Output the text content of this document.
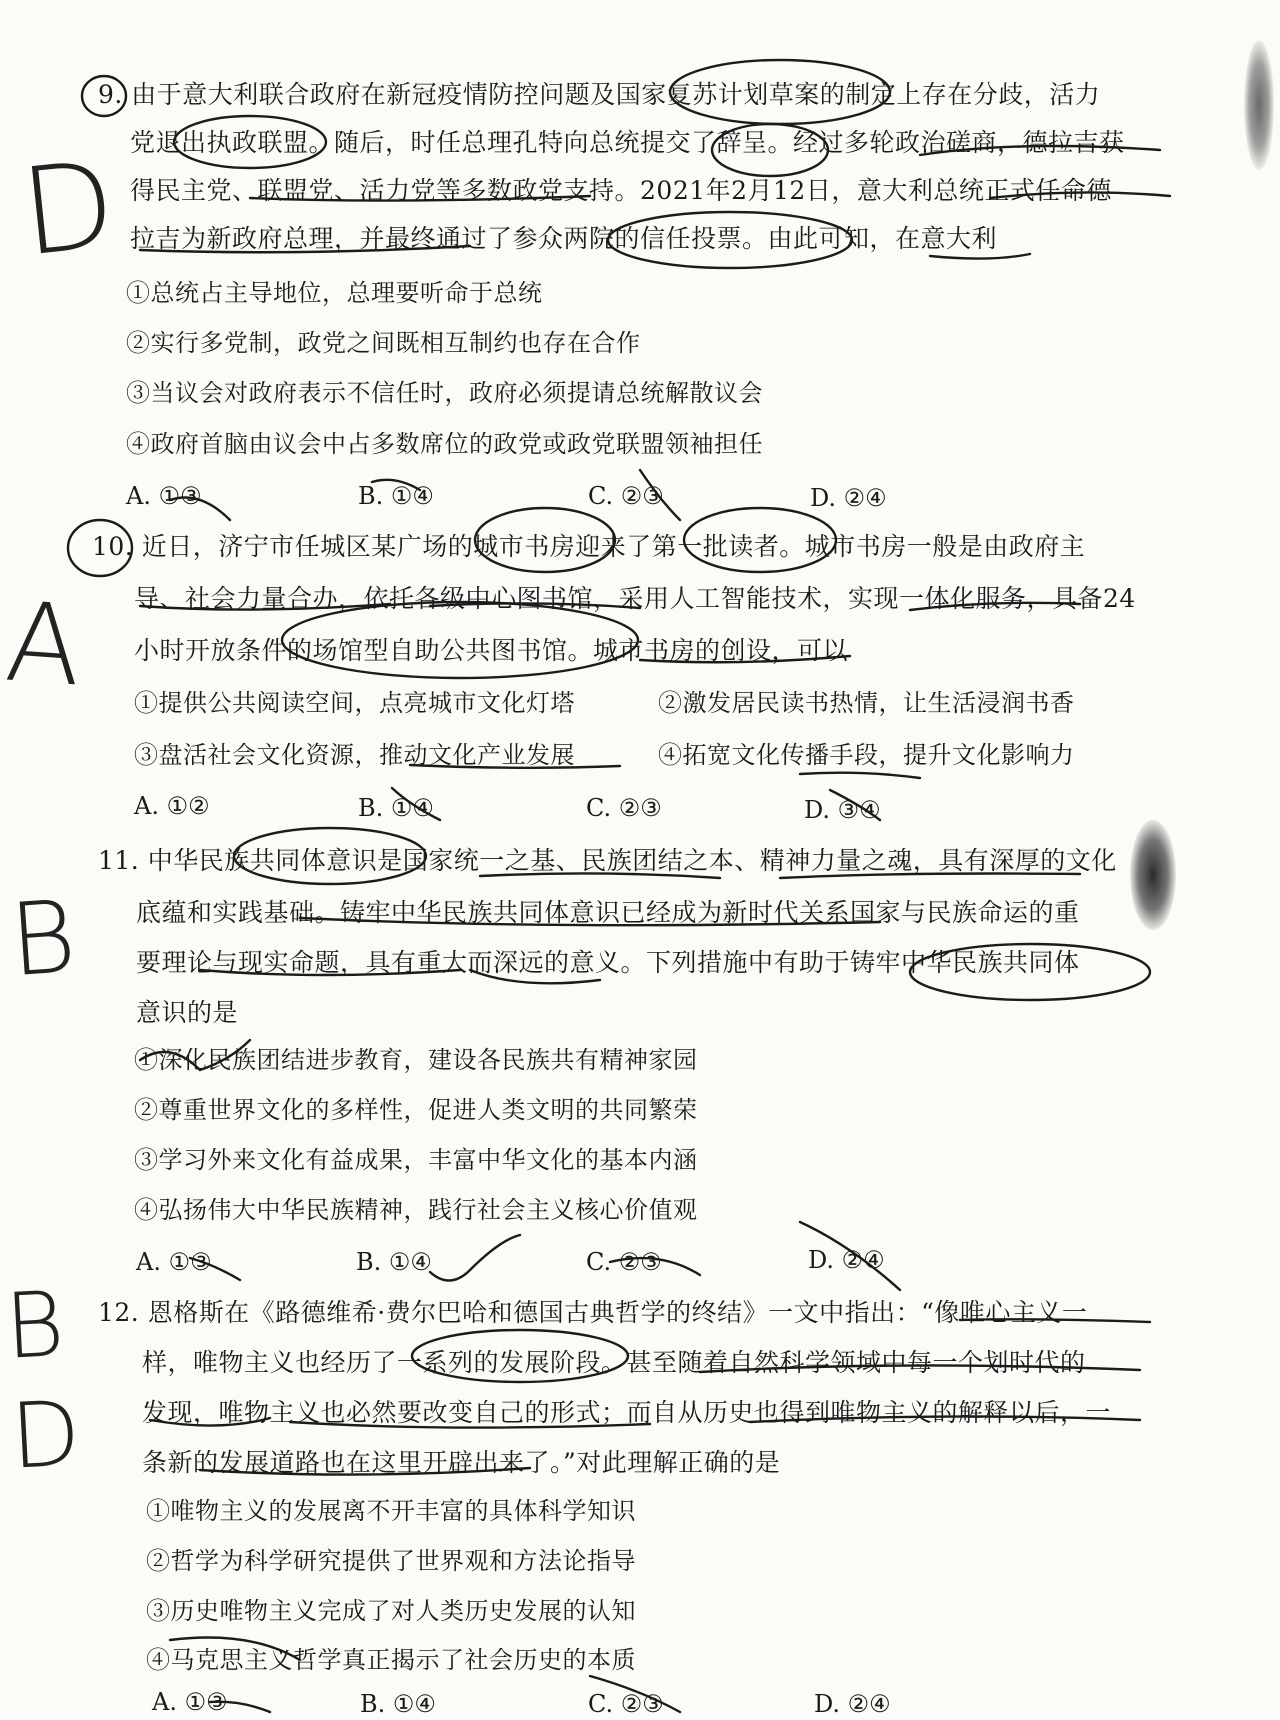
9. 由于意大利联合政府在新冠疫情防控问题及国家复苏计划草案的制定上存在分歧，活力
党退出执政联盟。随后，时任总理孔特向总统提交了辞呈。经过多轮政治磋商，德拉吉获
得民主党、联盟党、活力党等多数政党支持。2021年2月12日，意大利总统正式任命德
拉吉为新政府总理，并最终通过了参众两院的信任投票。由此可知，在意大利
①总统占主导地位，总理要听命于总统
②实行多党制，政党之间既相互制约也存在合作
③当议会对政府表示不信任时，政府必须提请总统解散议会
④政府首脑由议会中占多数席位的政党或政党联盟领袖担任
A. ①③	B. ①④	C. ②③	D. ②④
D
10. 近日，济宁市任城区某广场的城市书房迎来了第一批读者。城市书房一般是由政府主
导、社会力量合办，依托各级中心图书馆，采用人工智能技术，实现一体化服务，具备24
小时开放条件的场馆型自助公共图书馆。城市书房的创设，可以
①提供公共阅读空间，点亮城市文化灯塔	②激发居民读书热情，让生活浸润书香
③盘活社会文化资源，推动文化产业发展	④拓宽文化传播手段，提升文化影响力
A. ①②	B. ①④	C. ②③	D. ③④
A
11. 中华民族共同体意识是国家统一之基、民族团结之本、精神力量之魂，具有深厚的文化
底蕴和实践基础。铸牢中华民族共同体意识已经成为新时代关系国家与民族命运的重
要理论与现实命题，具有重大而深远的意义。下列措施中有助于铸牢中华民族共同体
意识的是
①深化民族团结进步教育，建设各民族共有精神家园
②尊重世界文化的多样性，促进人类文明的共同繁荣
③学习外来文化有益成果，丰富中华文化的基本内涵
④弘扬伟大中华民族精神，践行社会主义核心价值观
A. ①③	B. ①④	C. ②③	D. ②④
B
12. 恩格斯在《路德维希·费尔巴哈和德国古典哲学的终结》一文中指出：“像唯心主义一
样，唯物主义也经历了一系列的发展阶段。甚至随着自然科学领域中每一个划时代的
发现，唯物主义也必然要改变自己的形式；而自从历史也得到唯物主义的解释以后，一
条新的发展道路也在这里开辟出来了。”对此理解正确的是
①唯物主义的发展离不开丰富的具体科学知识
②哲学为科学研究提供了世界观和方法论指导
③历史唯物主义完成了对人类历史发展的认知
④马克思主义哲学真正揭示了社会历史的本质
A. ①③	B. ①④	C. ②③	D. ②④
B D
